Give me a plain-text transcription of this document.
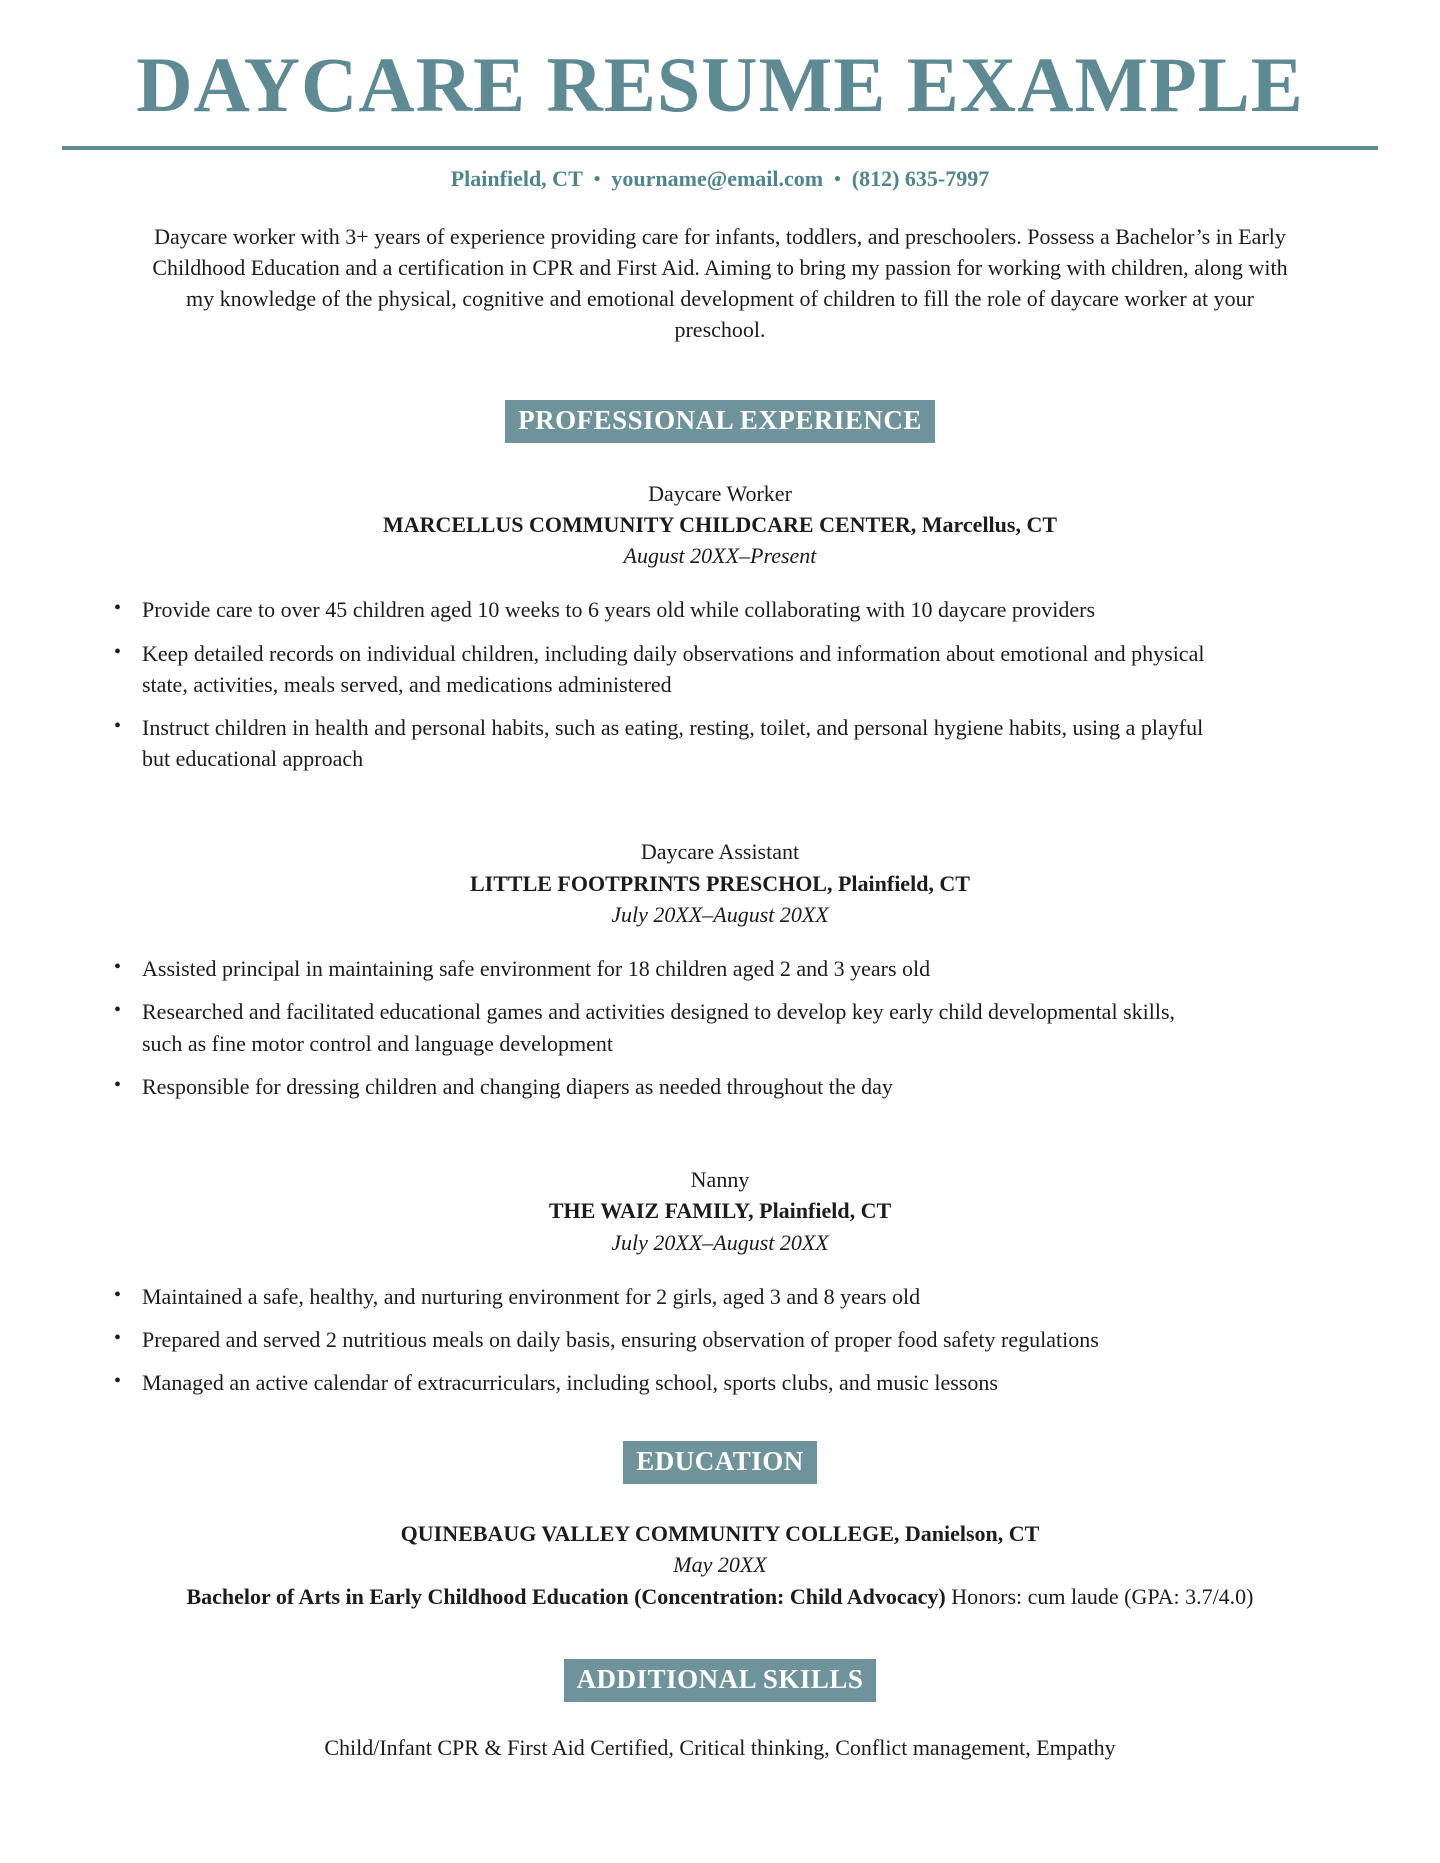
DAYCARE RESUME EXAMPLE
Plainfield, CT • yourname@email.com • (812) 635-7997

Daycare worker with 3+ years of experience providing care for infants, toddlers, and preschoolers. Possess a Bachelor’s in Early Childhood Education and a certification in CPR and First Aid. Aiming to bring my passion for working with children, along with my knowledge of the physical, cognitive and emotional development of children to fill the role of daycare worker at your preschool.

PROFESSIONAL EXPERIENCE
Daycare Worker
MARCELLUS COMMUNITY CHILDCARE CENTER, Marcellus, CT
August 20XX–Present
• Provide care to over 45 children aged 10 weeks to 6 years old while collaborating with 10 daycare providers
• Keep detailed records on individual children, including daily observations and information about emotional and physical state, activities, meals served, and medications administered
• Instruct children in health and personal habits, such as eating, resting, toilet, and personal hygiene habits, using a playful but educational approach
Daycare Assistant
LITTLE FOOTPRINTS PRESCHOL, Plainfield, CT
July 20XX–August 20XX
• Assisted principal in maintaining safe environment for 18 children aged 2 and 3 years old
• Researched and facilitated educational games and activities designed to develop key early child developmental skills, such as fine motor control and language development
• Responsible for dressing children and changing diapers as needed throughout the day
Nanny
THE WAIZ FAMILY, Plainfield, CT
July 20XX–August 20XX
• Maintained a safe, healthy, and nurturing environment for 2 girls, aged 3 and 8 years old
• Prepared and served 2 nutritious meals on daily basis, ensuring observation of proper food safety regulations
• Managed an active calendar of extracurriculars, including school, sports clubs, and music lessons
EDUCATION
QUINEBAUG VALLEY COMMUNITY COLLEGE, Danielson, CT
May 20XX
Bachelor of Arts in Early Childhood Education (Concentration: Child Advocacy) Honors: cum laude (GPA: 3.7/4.0)
ADDITIONAL SKILLS
Child/Infant CPR & First Aid Certified, Critical thinking, Conflict management, Empathy
